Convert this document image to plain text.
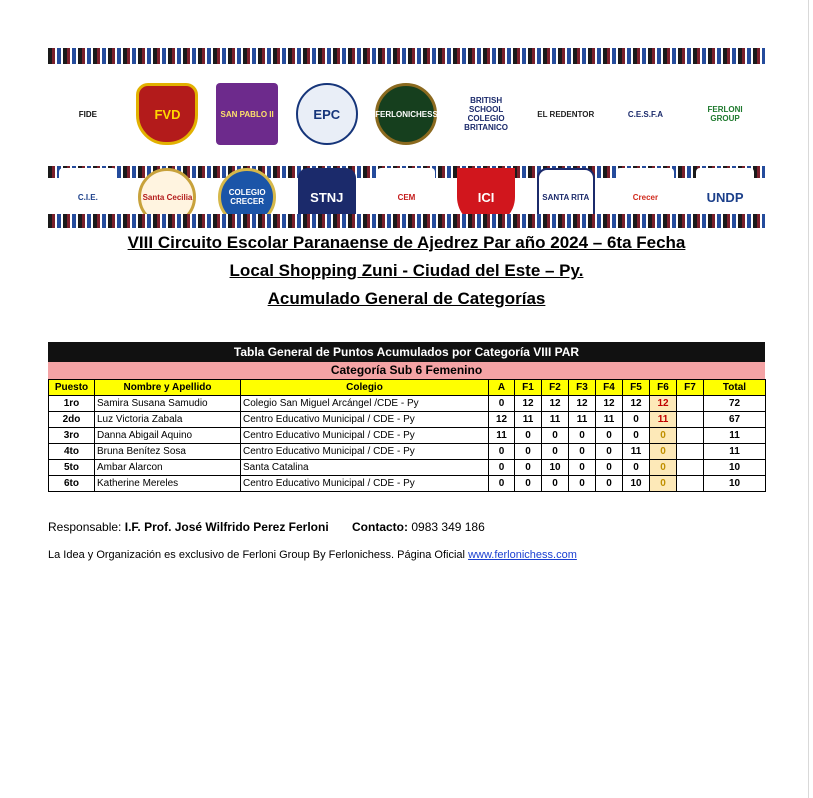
FIDE	FVD	SAN PABLO II	EPC	FERLONICHESS
BRITISH SCHOOL COLEGIO BRITANICO
EL REDENTOR	C.E.S.F.A	FERLONI GROUP
C.I.E.	Santa Cecilia	COLEGIO CRECER	STNJ	CEM	ICI	SANTA RITA	Crecer	UNDP
VIII Circuito Escolar Paranaense de Ajedrez Par año 2024 – 6ta Fecha
Local Shopping Zuni - Ciudad del Este – Py.
Acumulado General de Categorías
Tabla General de Puntos Acumulados por Categoría VIII PAR
Categoría Sub 6 Femenino
Puesto	Nombre y Apellido	Colegio	A	F1	F2	F3	F4	F5	F6	F7	Total
1ro	Samira Susana Samudio	Colegio San Miguel Arcángel /CDE - Py	0	12	12	12	12	12	12		72
2do	Luz Victoria Zabala	Centro Educativo Municipal / CDE - Py	12	11	11	11	11	0	11		67
3ro	Danna Abigail Aquino	Centro Educativo Municipal / CDE - Py	11	0	0	0	0	0	0		11
4to	Bruna Benítez Sosa	Centro Educativo Municipal / CDE - Py	0	0	0	0	0	11	0		11
5to	Ambar Alarcon	Santa Catalina	0	0	10	0	0	0	0		10
6to	Katherine Mereles	Centro Educativo Municipal / CDE - Py	0	0	0	0	0	10	0		10
Responsable: I.F. Prof. José Wilfrido Perez Ferloni Contacto: 0983 349 186
La Idea y Organización es exclusivo de Ferloni Group By Ferlonichess. Página Oficial www.ferlonichess.com
